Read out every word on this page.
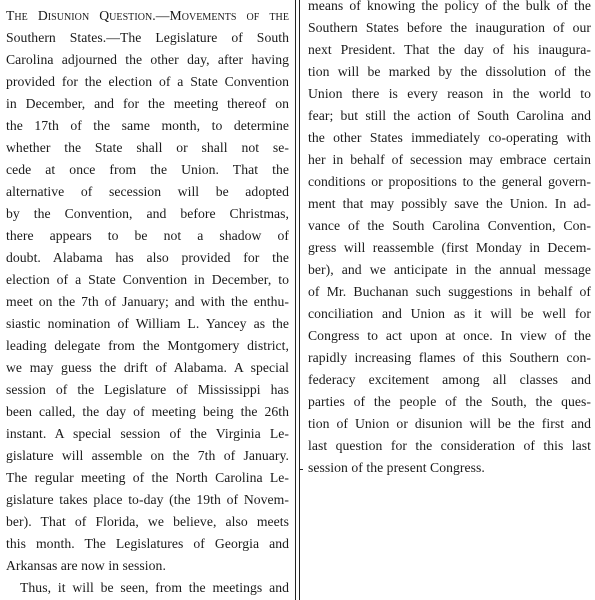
The Disunion Question.—Movements of the
Southern States.—The Legislature of South
Carolina adjourned the other day, after having
provided for the election of a State Convention
in December, and for the meeting thereof on
the 17th of the same month, to determine
whether the State shall or shall not se-
cede at once from the Union. That the
alternative of secession will be adopted
by the Convention, and before Christmas,
there appears to be not a shadow of
doubt. Alabama has also provided for the
election of a State Convention in December, to
meet on the 7th of January; and with the enthu-
siastic nomination of William L. Yancey as the
leading delegate from the Montgomery district,
we may guess the drift of Alabama. A special
session of the Legislature of Mississippi has
been called, the day of meeting being the 26th
instant. A special session of the Virginia Le-
gislature will assemble on the 7th of January.
The regular meeting of the North Carolina Le-
gislature takes place to-day (the 19th of Novem-
ber). That of Florida, we believe, also meets
this month. The Legislatures of Georgia and
Arkansas are now in session.
Thus, it will be seen, from the meetings and
means of knowing the policy of the bulk of the
Southern States before the inauguration of our
next President. That the day of his inaugura-
tion will be marked by the dissolution of the
Union there is every reason in the world to
fear; but still the action of South Carolina and
the other States immediately co-operating with
her in behalf of secession may embrace certain
conditions or propositions to the general govern-
ment that may possibly save the Union. In ad-
vance of the South Carolina Convention, Con-
gress will reassemble (first Monday in Decem-
ber), and we anticipate in the annual message
of Mr. Buchanan such suggestions in behalf of
conciliation and Union as it will be well for
Congress to act upon at once. In view of the
rapidly increasing flames of this Southern con-
federacy excitement among all classes and
parties of the people of the South, the ques-
tion of Union or disunion will be the first and
last question for the consideration of this last
session of the present Congress.
